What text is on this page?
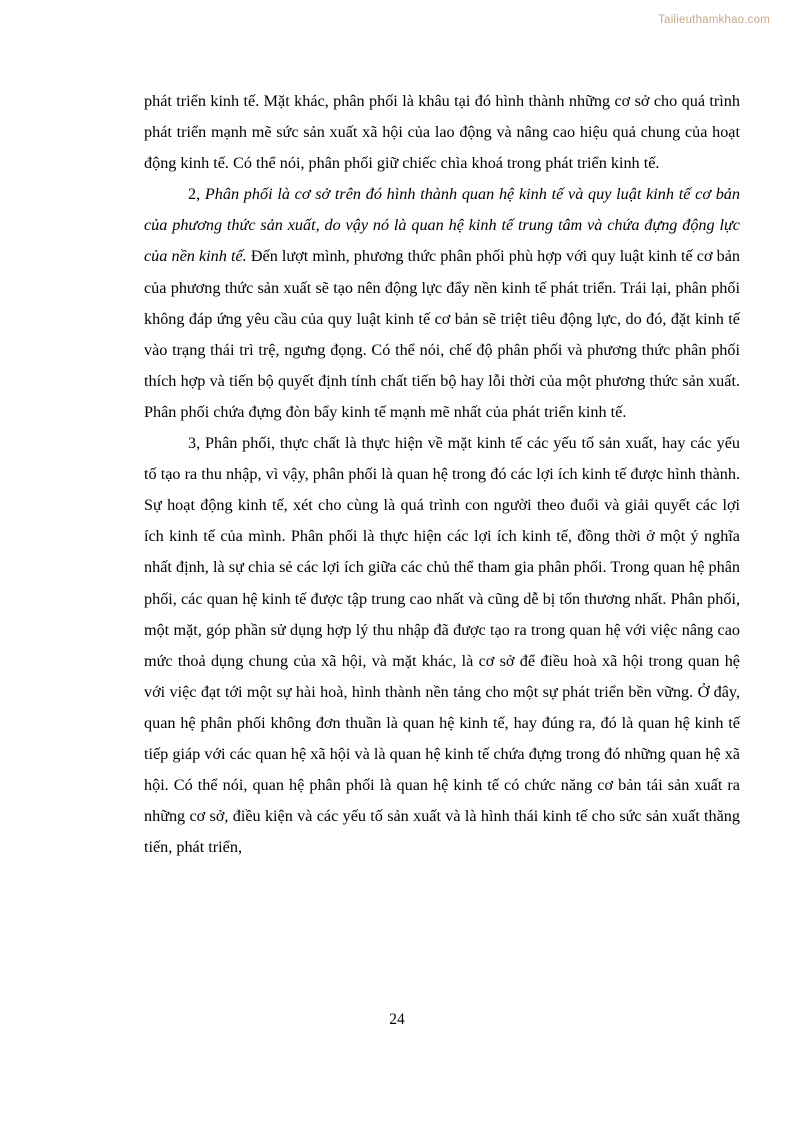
Tailieuthamkhao.com

phát triển kinh tế. Mặt khác, phân phối là khâu tại đó hình thành những cơ sở cho quá trình phát triển mạnh mẽ sức sản xuất xã hội của lao động và nâng cao hiệu quả chung của hoạt động kinh tế. Có thể nói, phân phối giữ chiếc chìa khoá trong phát triển kinh tế.

2, Phân phối là cơ sở trên đó hình thành quan hệ kinh tế và quy luật kinh tế cơ bản của phương thức sản xuất, do vậy nó là quan hệ kinh tế trung tâm và chứa đựng động lực của nền kinh tế. Đến lượt mình, phương thức phân phối phù hợp với quy luật kinh tế cơ bản của phương thức sản xuất sẽ tạo nên động lực đẩy nền kinh tế phát triển. Trái lại, phân phối không đáp ứng yêu cầu của quy luật kinh tế cơ bản sẽ triệt tiêu động lực, do đó, đặt kinh tế vào trạng thái trì trệ, ngưng đọng. Có thể nói, chế độ phân phối và phương thức phân phối thích hợp và tiến bộ quyết định tính chất tiến bộ hay lỗi thời của một phương thức sản xuất. Phân phối chứa đựng đòn bẩy kinh tế mạnh mẽ nhất của phát triển kinh tế.

3, Phân phối, thực chất là thực hiện về mặt kinh tế các yếu tố sản xuất, hay các yếu tố tạo ra thu nhập, vì vậy, phân phối là quan hệ trong đó các lợi ích kinh tế được hình thành. Sự hoạt động kinh tế, xét cho cùng là quá trình con người theo đuổi và giải quyết các lợi ích kinh tế của mình. Phân phối là thực hiện các lợi ích kinh tế, đồng thời ở một ý nghĩa nhất định, là sự chia sẻ các lợi ích giữa các chủ thể tham gia phân phối. Trong quan hệ phân phối, các quan hệ kinh tế được tập trung cao nhất và cũng dễ bị tổn thương nhất. Phân phối, một mặt, góp phần sử dụng hợp lý thu nhập đã được tạo ra trong quan hệ với việc nâng cao mức thoả dụng chung của xã hội, và mặt khác, là cơ sở để điều hoà xã hội trong quan hệ với việc đạt tới một sự hài hoà, hình thành nền tảng cho một sự phát triển bền vững. Ở đây, quan hệ phân phối không đơn thuần là quan hệ kinh tế, hay đúng ra, đó là quan hệ kinh tế tiếp giáp với các quan hệ xã hội và là quan hệ kinh tế chứa đựng trong đó những quan hệ xã hội. Có thể nói, quan hệ phân phối là quan hệ kinh tế có chức năng cơ bản tái sản xuất ra những cơ sở, điều kiện và các yếu tố sản xuất và là hình thái kinh tế cho sức sản xuất thăng tiến, phát triển,

24
